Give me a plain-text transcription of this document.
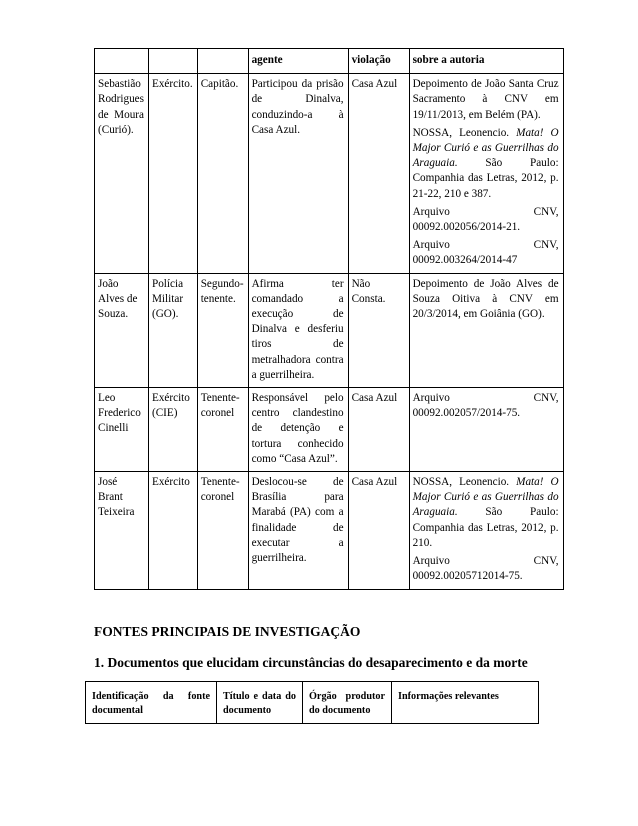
			agente	violação	sobre a autoria
Sebastião Rodrigues de Moura (Curió).	Exército.	Capitão.	Participou da prisão de Dinalva, conduzindo-a à Casa Azul.	Casa Azul	Depoimento de João Santa Cruz Sacramento à CNV em 19/11/2013, em Belém (PA).

NOSSA, Leonencio. Mata! O Major Curió e as Guerrilhas do Araguaia. São Paulo: Companhia das Letras, 2012, p. 21-22, 210 e 387.

Arquivo CNV, 00092.002056/2014-21.

Arquivo CNV, 00092.003264/2014-47

João Alves de Souza.	Polícia Militar (GO).	Segundo-tenente.	Afirma ter comandado a execução de Dinalva e desferiu tiros de metralhadora contra a guerrilheira.	Não Consta.	Depoimento de João Alves de Souza Oitiva à CNV em 20/3/2014, em Goiânia (GO).

Leo Frederico Cinelli	Exército (CIE)	Tenente-coronel	Responsável pelo centro clandestino de detenção e tortura conhecido como “Casa Azul”.	Casa Azul	Arquivo CNV, 00092.002057/2014-75.

José Brant Teixeira	Exército	Tenente-coronel	Deslocou-se de Brasília para Marabá (PA) com a finalidade de executar a guerrilheira.	Casa Azul	NOSSA, Leonencio. Mata! O Major Curió e as Guerrilhas do Araguaia. São Paulo: Companhia das Letras, 2012, p. 210.

Arquivo CNV, 00092.00205712014-75.

FONTES PRINCIPAIS DE INVESTIGAÇÃO
1. Documentos que elucidam circunstâncias do desaparecimento e da morte
Identificação da fonte documental	Título e data do documento	Órgão produtor do documento	Informações relevantes
